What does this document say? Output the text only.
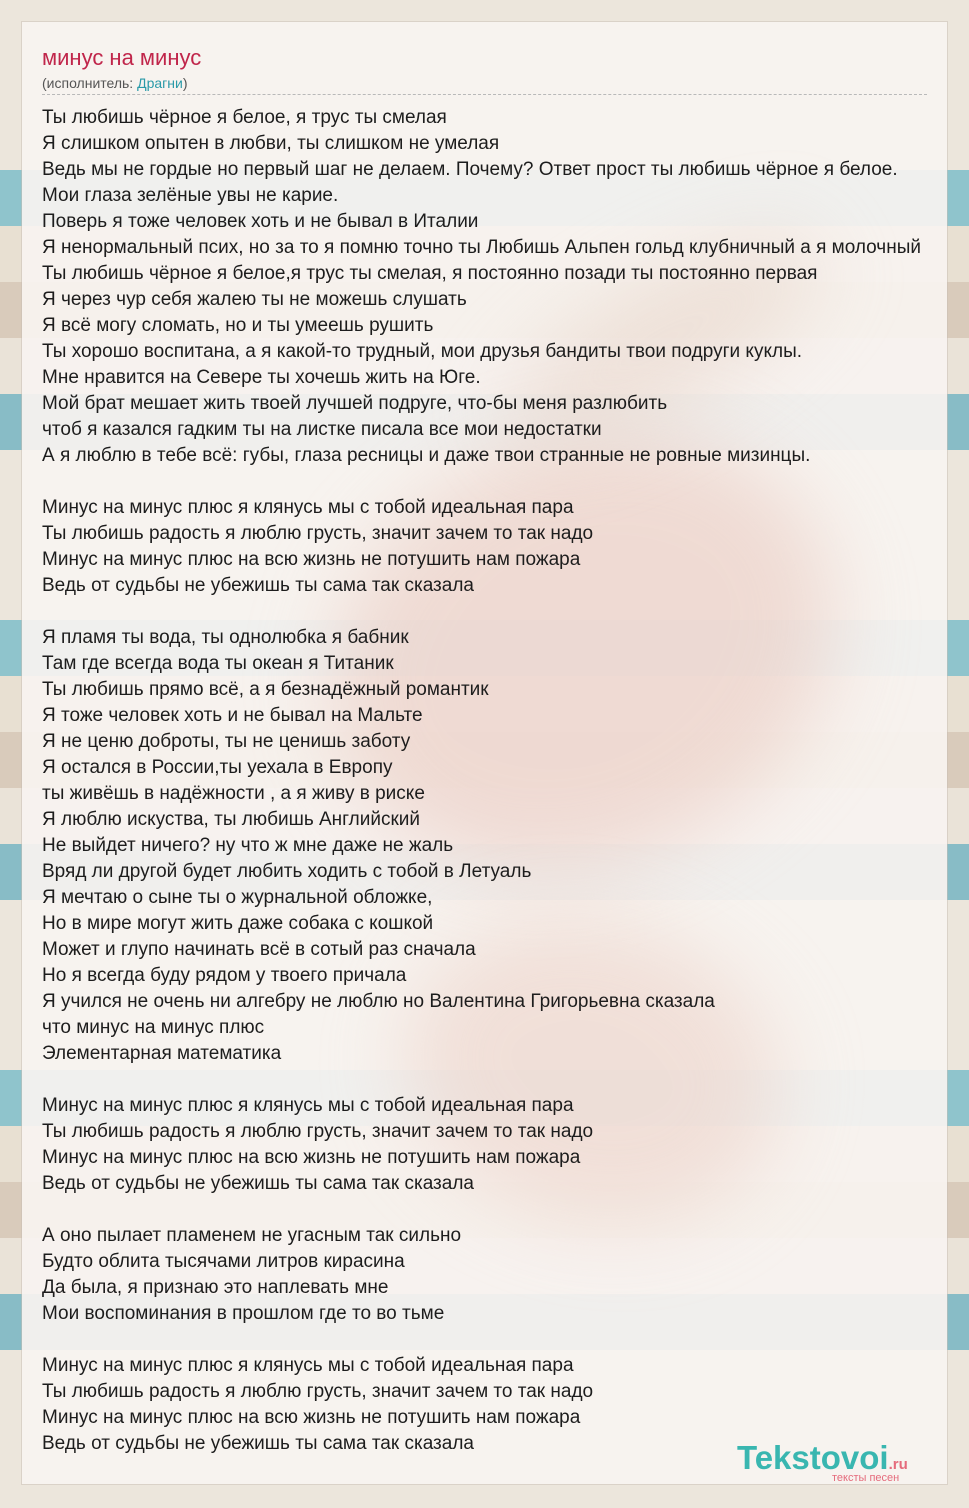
минус на минус
(исполнитель: Драгни)
Ты любишь чёрное я белое, я трус ты смелая
Я слишком опытен в любви, ты слишком не умелая
Ведь мы не гордые но первый шаг не делаем. Почему? Ответ прост ты любишь чёрное я белое.
Мои глаза зелёные увы не карие.
Поверь я тоже человек хоть и не бывал в Италии
Я ненормальный псих, но за то я помню точно ты Любишь Альпен гольд клубничный а я молочный
Ты любишь чёрное я белое,я трус ты смелая, я постоянно позади ты постоянно первая
Я через чур себя жалею ты не можешь слушать
Я всё могу сломать, но и ты умеешь рушить
Ты хорошо воспитана, а я какой-то трудный, мои друзья бандиты твои подруги куклы.
Мне нравится на Севере ты хочешь жить на Юге.
Мой брат мешает жить твоей лучшей подруге, что-бы меня разлюбить
чтоб я казался гадким ты на листке писала все мои недостатки
А я люблю в тебе всё: губы, глаза ресницы и даже твои странные не ровные мизинцы.
Минус на минус плюс я клянусь мы с тобой идеальная пара
Ты любишь радость я люблю грусть, значит зачем то так надо
Минус на минус плюс на всю жизнь не потушить нам пожара
Ведь от судьбы не убежишь ты сама так сказала
Я пламя ты вода, ты однолюбка я бабник
Там где всегда вода ты океан я Титаник
Ты любишь прямо всё, а я безнадёжный романтик
Я тоже человек хоть и не бывал на Мальте
Я не ценю доброты, ты не ценишь заботу
Я остался в России,ты уехала в Европу
ты живёшь в надёжности , а я живу в риске
Я люблю искуства, ты любишь Английский
Не выйдет ничего? ну что ж мне даже не жаль
Вряд ли другой будет любить ходить с тобой в Летуаль
Я мечтаю о сыне ты о журнальной обложке,
Но в мире могут жить даже собака с кошкой
Может и глупо начинать всё в сотый раз сначала
Но я всегда буду рядом у твоего причала
Я учился не очень ни алгебру не люблю но Валентина Григорьевна сказала
что минус на минус плюс
Элементарная математика
Минус на минус плюс я клянусь мы с тобой идеальная пара
Ты любишь радость я люблю грусть, значит зачем то так надо
Минус на минус плюс на всю жизнь не потушить нам пожара
Ведь от судьбы не убежишь ты сама так сказала
А оно пылает пламенем не угасным так сильно
Будто облита тысячами литров кирасина
Да была, я признаю это наплевать мне
Мои воспоминания в прошлом где то во тьме
Минус на минус плюс я клянусь мы с тобой идеальная пара
Ты любишь радость я люблю грусть, значит зачем то так надо
Минус на минус плюс на всю жизнь не потушить нам пожара
Ведь от судьбы не убежишь ты сама так сказала	Tekstovoi.ru
тексты песен
